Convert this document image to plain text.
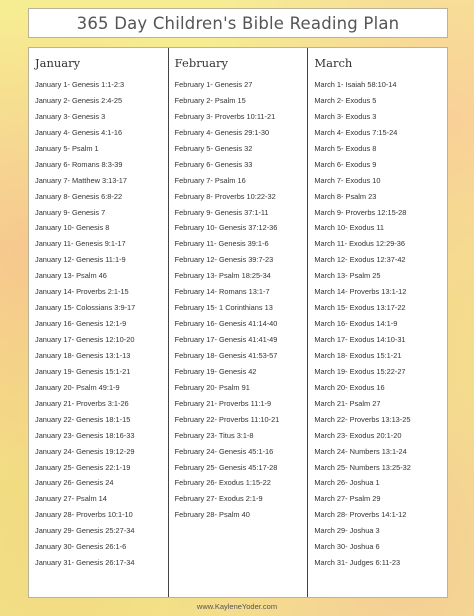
365 Day Children's Bible Reading Plan
January
January 1- Genesis 1:1-2:3
January 2- Genesis 2:4-25
January 3- Genesis 3
January 4- Genesis 4:1-16
January 5- Psalm 1
January 6- Romans 8:3-39
January 7- Matthew 3:13-17
January 8- Genesis 6:8-22
January 9- Genesis 7
January 10- Genesis 8
January 11- Genesis 9:1-17
January 12- Genesis 11:1-9
January 13- Psalm 46
January 14- Proverbs 2:1-15
January 15- Colossians 3:9-17
January 16- Genesis 12:1-9
January 17- Genesis 12:10-20
January 18- Genesis 13:1-13
January 19- Genesis 15:1-21
January 20- Psalm 49:1-9
January 21- Proverbs 3:1-26
January 22- Genesis 18:1-15
January 23- Genesis 18:16-33
January 24- Genesis 19:12-29
January 25- Genesis 22:1-19
January 26- Genesis 24
January 27- Psalm 14
January 28- Proverbs 10:1-10
January 29- Genesis 25:27-34
January 30- Genesis 26:1-6
January 31- Genesis 26:17-34
February
February 1- Genesis 27
February 2- Psalm 15
February 3- Proverbs 10:11-21
February 4- Genesis 29:1-30
February 5- Genesis 32
February 6- Genesis 33
February 7- Psalm 16
February 8- Proverbs 10:22-32
February 9- Genesis 37:1-11
February 10- Genesis 37:12-36
February 11- Genesis 39:1-6
February 12- Genesis 39:7-23
February 13- Psalm 18:25-34
February 14- Romans 13:1-7
February 15- 1 Corinthians 13
February 16- Genesis 41:14-40
February 17- Genesis 41:41-49
February 18- Genesis 41:53-57
February 19- Genesis 42
February 20- Psalm 91
February 21- Proverbs 11:1-9
February 22- Proverbs 11:10-21
February 23- Titus 3:1-8
February 24- Genesis 45:1-16
February 25- Genesis 45:17-28
February 26- Exodus 1:15-22
February 27- Exodus 2:1-9
February 28- Psalm 40
March
March 1- Isaiah 58:10-14
March 2- Exodus 5
March 3- Exodus 3
March 4- Exodus 7:15-24
March 5- Exodus 8
March 6- Exodus 9
March 7- Exodus 10
March 8- Psalm 23
March 9- Proverbs 12:15-28
March 10- Exodus 11
March 11- Exodus 12:29-36
March 12- Exodus 12:37-42
March 13- Psalm 25
March 14- Proverbs 13:1-12
March 15- Exodus 13:17-22
March 16- Exodus 14:1-9
March 17- Exodus 14:10-31
March 18- Exodus 15:1-21
March 19- Exodus 15:22-27
March 20- Exodus 16
March 21- Psalm 27
March 22- Proverbs 13:13-25
March 23- Exodus 20:1-20
March 24- Numbers 13:1-24
March 25- Numbers 13:25-32
March 26- Joshua 1
March 27- Psalm 29
March 28- Proverbs 14:1-12
March 29- Joshua 3
March 30- Joshua 6
March 31- Judges 6:11-23
www.KayleneYoder.com
